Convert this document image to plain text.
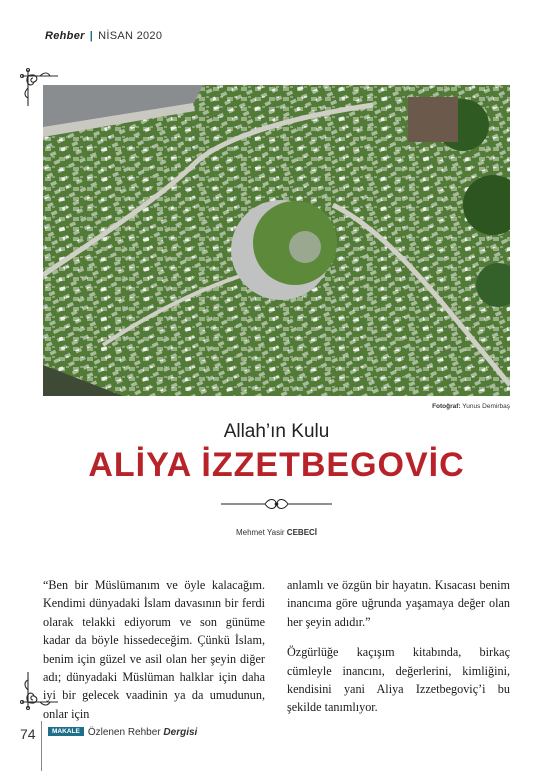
Rehber | NİSAN 2020
Fotoğraf: Yunus Demirbaş
Allah’ın Kulu
ALİYA İZZETBEGOVİC
Mehmet Yasir CEBECİ

“Ben bir Müslümanım ve öyle kalacağım. Kendimi dünyadaki İslam davasının bir ferdi olarak telakki ediyorum ve son günüme kadar da böyle hissedeceğim. Çünkü İslam, benim için güzel ve asil olan her şeyin diğer adı; dünyadaki Müslüman halklar için daha iyi bir gelecek vaadinin ya da umudunun, onlar için

anlamlı ve özgün bir hayatın. Kısacası benim inancıma göre uğrunda yaşamaya değer olan her şeyin adıdır.”

Özgürlüğe kaçışım kitabında, birkaç cümleyle inancını, değerlerini, kimliğini, kendisini yani Aliya Izzetbegoviç’i bu şekilde tanımlıyor.

74	$^{MAKALE}$ Özlenen Rehber Dergisi
